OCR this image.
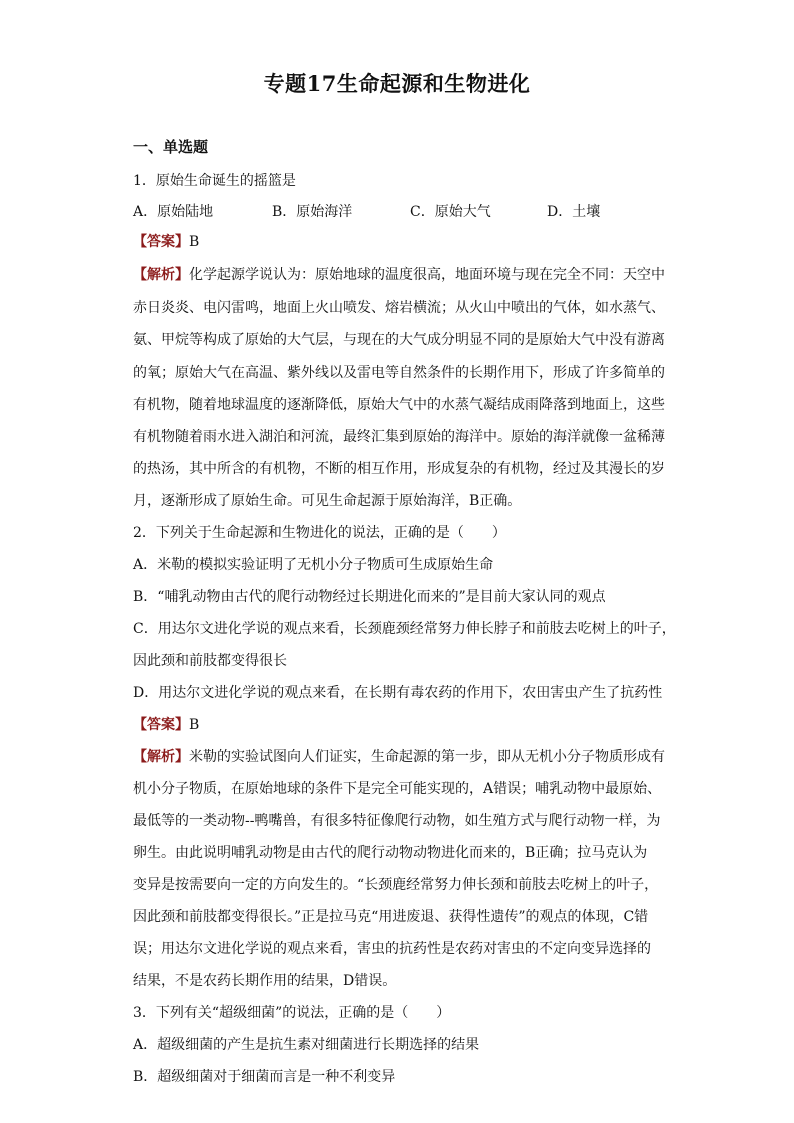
专题17生命起源和生物进化
一、单选题
1．原始生命诞生的摇篮是
A．原始陆地	B．原始海洋	C．原始大气	D．土壤
【答案】B
【解析】化学起源学说认为：原始地球的温度很高，地面环境与现在完全不同：天空中
赤日炎炎、电闪雷鸣，地面上火山喷发、熔岩横流；从火山中喷出的气体，如水蒸气、
氨、甲烷等构成了原始的大气层，与现在的大气成分明显不同的是原始大气中没有游离
的氧；原始大气在高温、紫外线以及雷电等自然条件的长期作用下，形成了许多简单的
有机物，随着地球温度的逐渐降低，原始大气中的水蒸气凝结成雨降落到地面上，这些
有机物随着雨水进入湖泊和河流，最终汇集到原始的海洋中。原始的海洋就像一盆稀薄
的热汤，其中所含的有机物，不断的相互作用，形成复杂的有机物，经过及其漫长的岁
月，逐渐形成了原始生命。可见生命起源于原始海洋，B正确。
2．下列关于生命起源和生物进化的说法，正确的是（　　）
A．米勒的模拟实验证明了无机小分子物质可生成原始生命
B．“哺乳动物由古代的爬行动物经过长期进化而来的”是目前大家认同的观点
C．用达尔文进化学说的观点来看，长颈鹿颈经常努力伸长脖子和前肢去吃树上的叶子，
因此颈和前肢都变得很长
D．用达尔文进化学说的观点来看，在长期有毒农药的作用下，农田害虫产生了抗药性
【答案】B
【解析】米勒的实验试图向人们证实，生命起源的第一步，即从无机小分子物质形成有
机小分子物质，在原始地球的条件下是完全可能实现的，A错误；哺乳动物中最原始、
最低等的一类动物--鸭嘴兽，有很多特征像爬行动物，如生殖方式与爬行动物一样，为
卵生。由此说明哺乳动物是由古代的爬行动物动物进化而来的，B正确；拉马克认为
变异是按需要向一定的方向发生的。“长颈鹿经常努力伸长颈和前肢去吃树上的叶子，
因此颈和前肢都变得很长。”正是拉马克“用进废退、获得性遗传”的观点的体现，C错
误；用达尔文进化学说的观点来看，害虫的抗药性是农药对害虫的不定向变异选择的
结果，不是农药长期作用的结果，D错误。
3．下列有关“超级细菌”的说法，正确的是（　　）
A．超级细菌的产生是抗生素对细菌进行长期选择的结果
B．超级细菌对于细菌而言是一种不利变异
